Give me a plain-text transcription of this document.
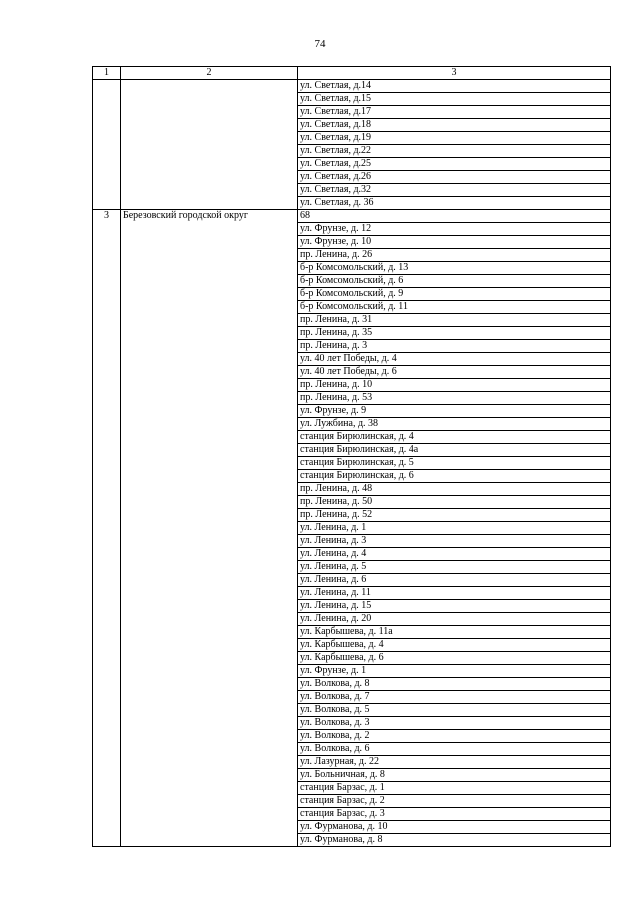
74
1	2	3
		ул. Светлая, д.14
		ул. Светлая, д.15
		ул. Светлая, д.17
		ул. Светлая, д.18
		ул. Светлая, д.19
		ул. Светлая, д.22
		ул. Светлая, д.25
		ул. Светлая, д.26
		ул. Светлая, д.32
		ул. Светлая, д. 36
3	Березовский городской округ	68
		ул. Фрунзе, д. 12
		ул. Фрунзе, д. 10
		пр. Ленина, д. 26
		б-р Комсомольский, д. 13
		б-р Комсомольский, д. 6
		б-р Комсомольский, д. 9
		б-р Комсомольский, д. 11
		пр. Ленина, д. 31
		пр. Ленина, д. 35
		пр. Ленина, д. 3
		ул. 40 лет Победы, д. 4
		ул. 40 лет Победы, д. 6
		пр. Ленина, д. 10
		пр. Ленина, д. 53
		ул. Фрунзе, д. 9
		ул. Лужбина, д. 38
		станция Бирюлинская, д. 4
		станция Бирюлинская, д. 4а
		станция Бирюлинская, д. 5
		станция Бирюлинская, д. 6
		пр. Ленина, д. 48
		пр. Ленина, д. 50
		пр. Ленина, д. 52
		ул. Ленина, д. 1
		ул. Ленина, д. 3
		ул. Ленина, д. 4
		ул. Ленина, д. 5
		ул. Ленина, д. 6
		ул. Ленина, д. 11
		ул. Ленина, д. 15
		ул. Ленина, д. 20
		ул. Карбышева, д. 11а
		ул. Карбышева, д. 4
		ул. Карбышева, д. 6
		ул. Фрунзе, д. 1
		ул. Волкова, д. 8
		ул. Волкова, д. 7
		ул. Волкова, д. 5
		ул. Волкова, д. 3
		ул. Волкова, д. 2
		ул. Волкова, д. 6
		ул. Лазурная, д. 22
		ул. Больничная, д. 8
		станция Барзас, д. 1
		станция Барзас, д. 2
		станция Барзас, д. 3
		ул. Фурманова, д. 10
		ул. Фурманова, д. 8
